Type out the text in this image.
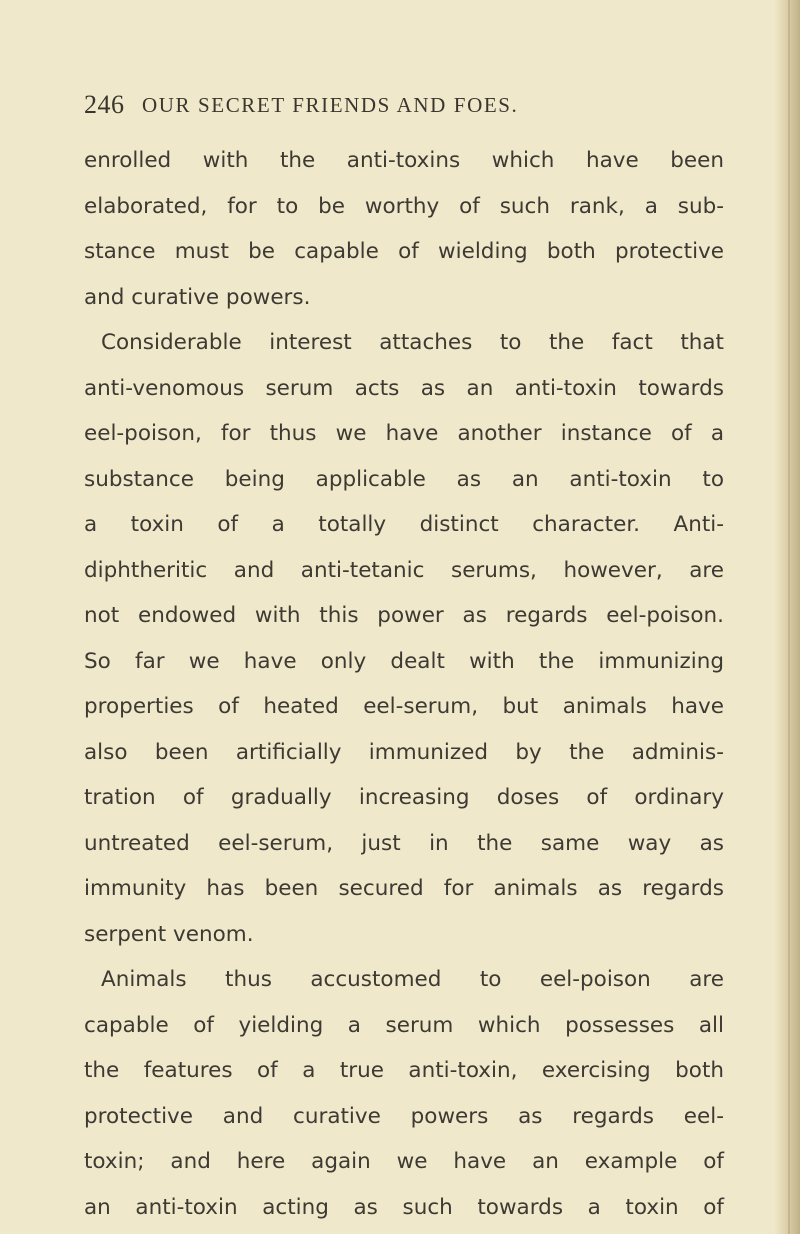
246 OUR SECRET FRIENDS AND FOES.
enrolled with the anti-toxins which have been
elaborated, for to be worthy of such rank, a sub-
stance must be capable of wielding both protective
and curative powers.
Considerable interest attaches to the fact that
anti-venomous serum acts as an anti-toxin towards
eel-poison, for thus we have another instance of a
substance being applicable as an anti-toxin to
a toxin of a totally distinct character. Anti-
diphtheritic and anti-tetanic serums, however, are
not endowed with this power as regards eel-poison.
So far we have only dealt with the immunizing
properties of heated eel-serum, but animals have
also been artificially immunized by the adminis-
tration of gradually increasing doses of ordinary
untreated eel-serum, just in the same way as
immunity has been secured for animals as regards
serpent venom.
Animals thus accustomed to eel-poison are
capable of yielding a serum which possesses all
the features of a true anti-toxin, exercising both
protective and curative powers as regards eel-
toxin; and here again we have an example of
an anti-toxin acting as such towards a toxin of
